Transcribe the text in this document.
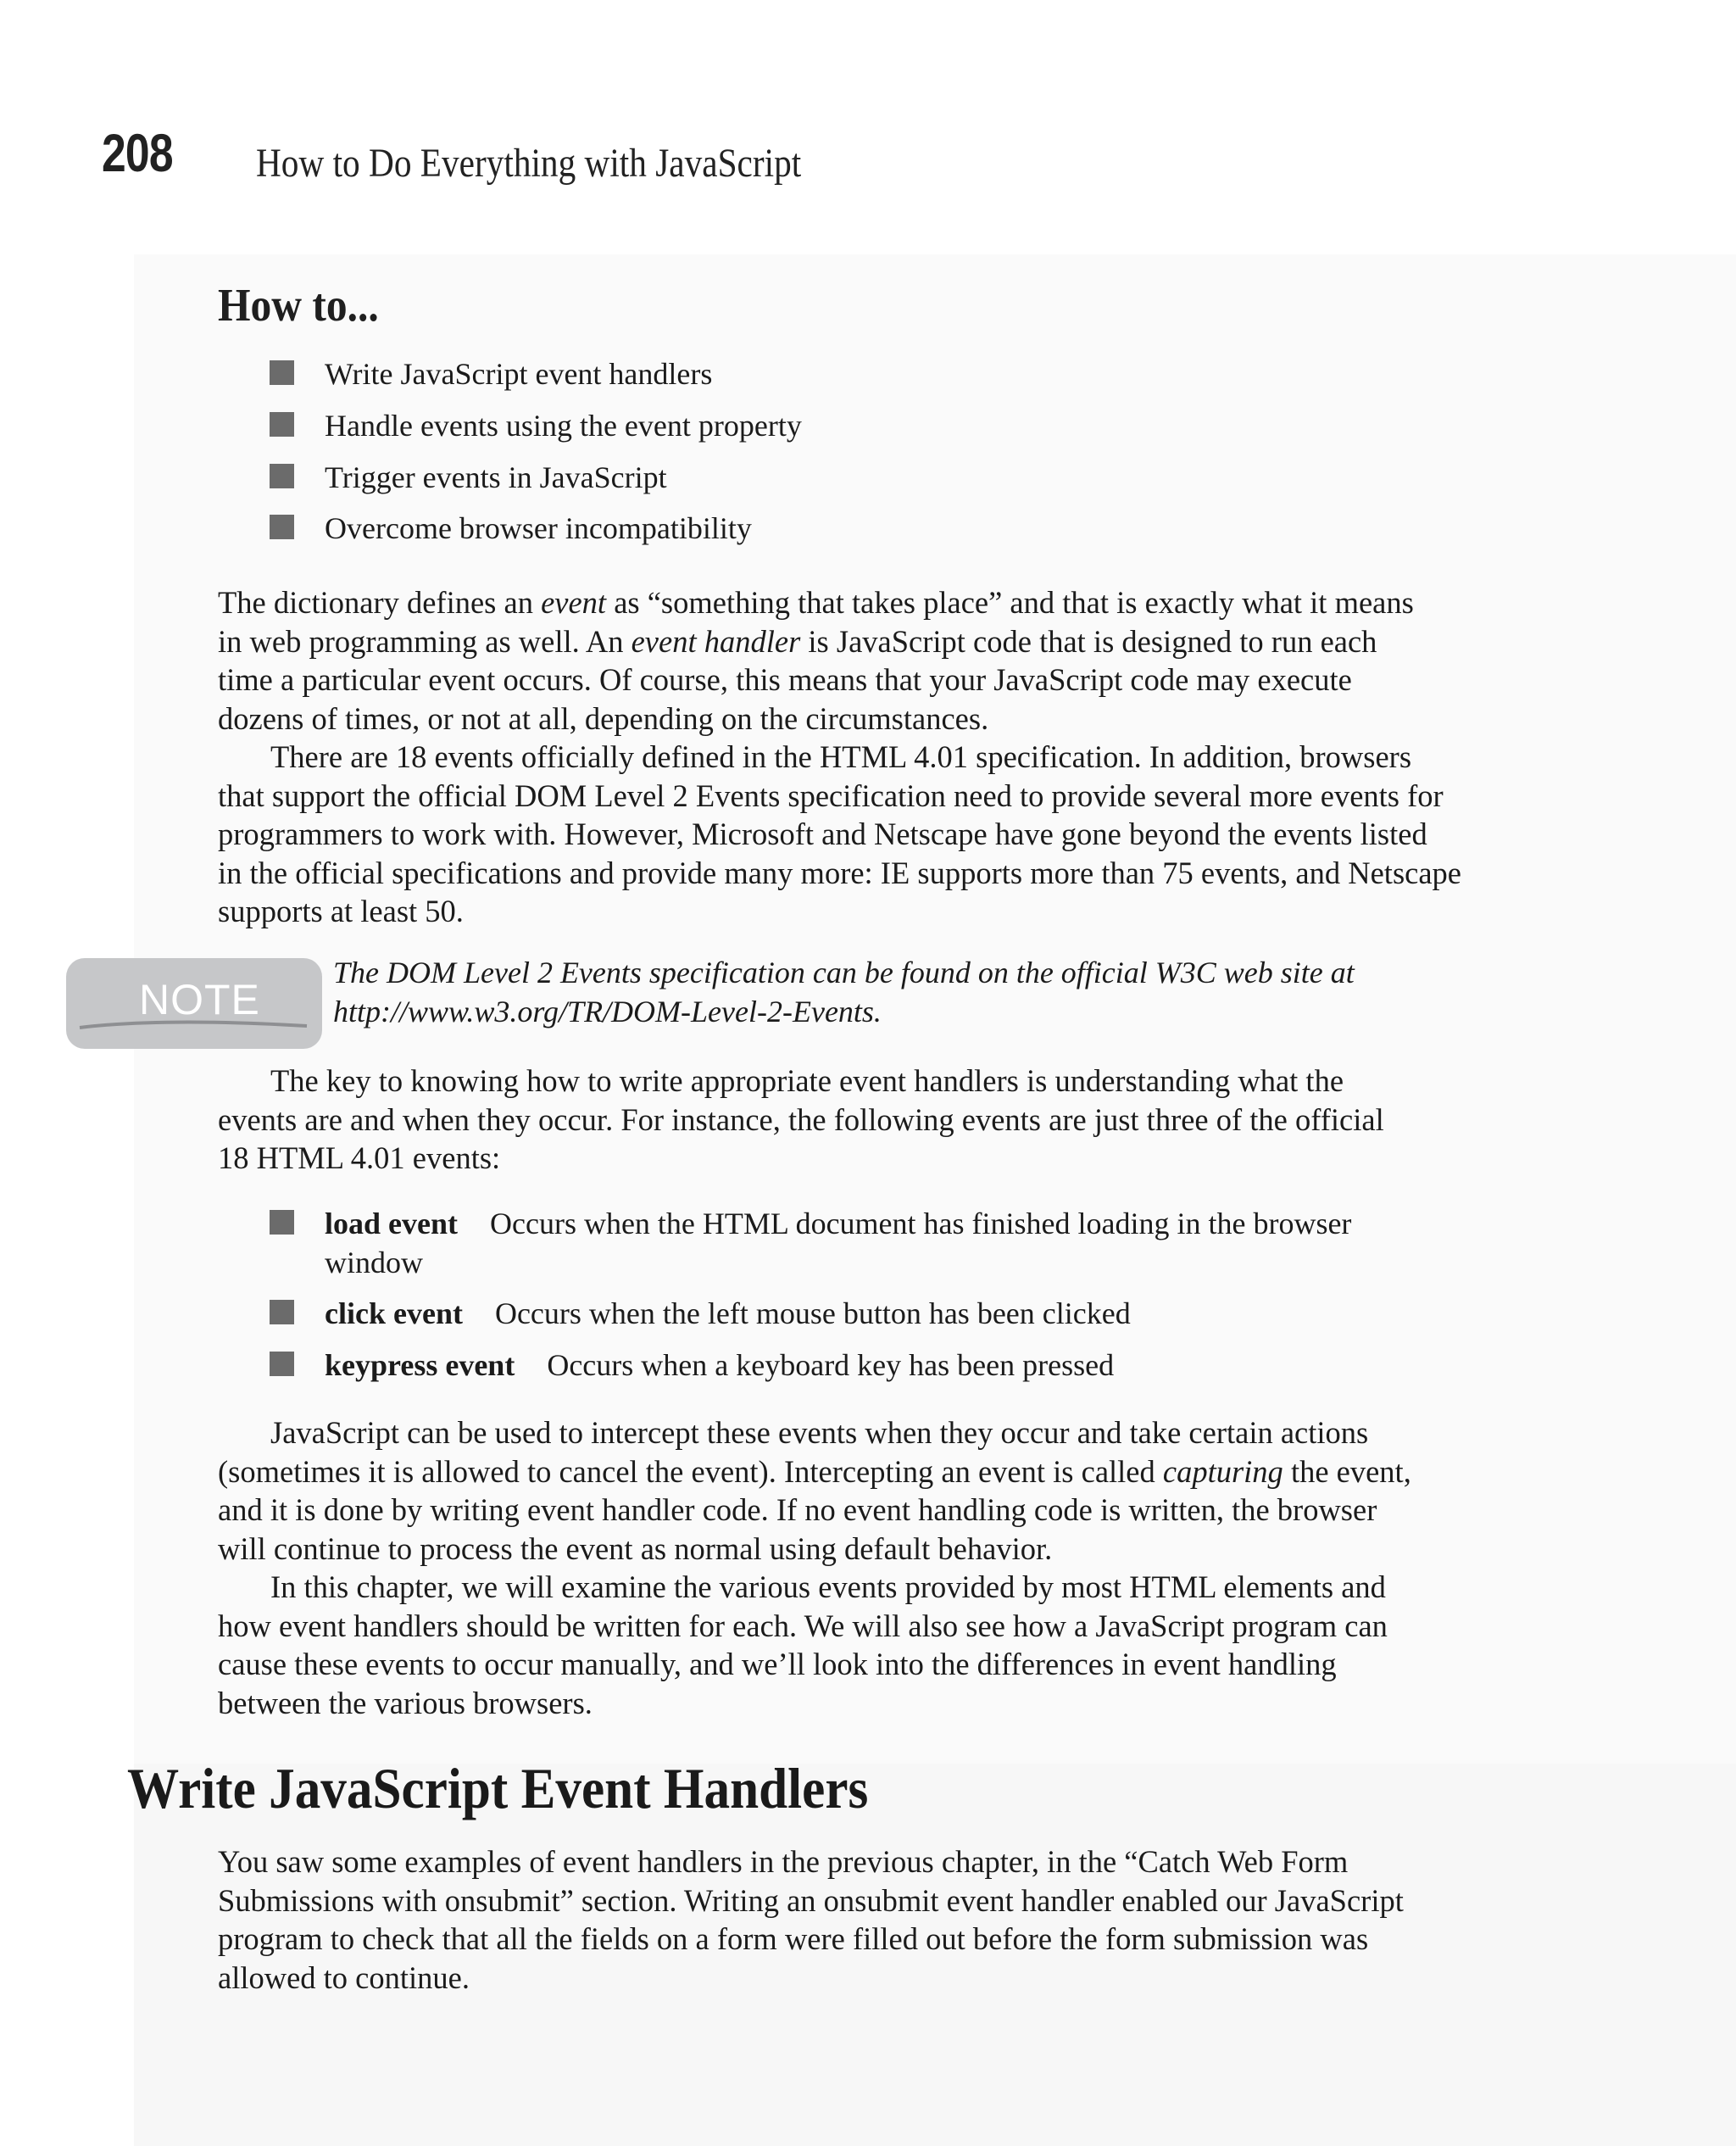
208 How to Do Everything with JavaScript
How to...
Write JavaScript event handlers
Handle events using the event property
Trigger events in JavaScript
Overcome browser incompatibility
The dictionary defines an event as “something that takes place” and that is exactly what it means
in web programming as well. An event handler is JavaScript code that is designed to run each
time a particular event occurs. Of course, this means that your JavaScript code may execute
dozens of times, or not at all, depending on the circumstances.
There are 18 events officially defined in the HTML 4.01 specification. In addition, browsers
that support the official DOM Level 2 Events specification need to provide several more events for
programmers to work with. However, Microsoft and Netscape have gone beyond the events listed
in the official specifications and provide many more: IE supports more than 75 events, and Netscape
supports at least 50.
NOTE
The DOM Level 2 Events specification can be found on the official W3C web site at
http://www.w3.org/TR/DOM-Level-2-Events.
The key to knowing how to write appropriate event handlers is understanding what the
events are and when they occur. For instance, the following events are just three of the official
18 HTML 4.01 events:
load event Occurs when the HTML document has finished loading in the browser
window
click event Occurs when the left mouse button has been clicked
keypress event Occurs when a keyboard key has been pressed
JavaScript can be used to intercept these events when they occur and take certain actions
(sometimes it is allowed to cancel the event). Intercepting an event is called capturing the event,
and it is done by writing event handler code. If no event handling code is written, the browser
will continue to process the event as normal using default behavior.
In this chapter, we will examine the various events provided by most HTML elements and
how event handlers should be written for each. We will also see how a JavaScript program can
cause these events to occur manually, and we’ll look into the differences in event handling
between the various browsers.
Write JavaScript Event Handlers
You saw some examples of event handlers in the previous chapter, in the “Catch Web Form
Submissions with onsubmit” section. Writing an onsubmit event handler enabled our JavaScript
program to check that all the fields on a form were filled out before the form submission was
allowed to continue.
